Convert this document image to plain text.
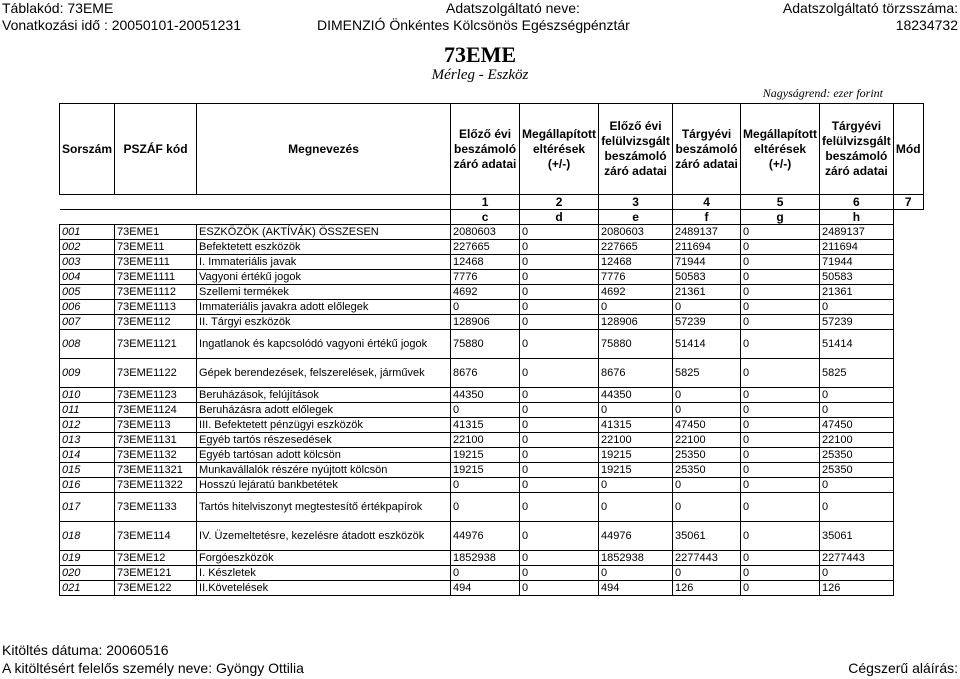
Táblakód: 73EME	Adatszolgáltató neve:	Adatszolgáltató törzsszáma:
Vonatkozási idő : 20050101-20051231	DIMENZIÓ Önkéntes Kölcsönös Egészségpénztár	18234732
73EME
Mérleg - Eszköz
Nagyságrend: ezer forint
Sorszám	PSZÁF kód	Megnevezés	Előző évi beszámoló záró adatai	Megállapított eltérések (+/-)	Előző évi felülvizsgált beszámoló záró adatai	Tárgyévi beszámoló záró adatai	Megállapított eltérések (+/-)	Tárgyévi felülvizsgált beszámoló záró adatai	Mód
			1	2	3	4	5	6	7
			c	d	e	f	g	h	
001	73EME1	ESZKÖZÖK (AKTÍVÁK) ÖSSZESEN	2080603	0	2080603	2489137	0	2489137	
002	73EME11	Befektetett eszközök	227665	0	227665	211694	0	211694	
003	73EME111	I. Immateriális javak	12468	0	12468	71944	0	71944	
004	73EME1111	Vagyoni értékű jogok	7776	0	7776	50583	0	50583	
005	73EME1112	Szellemi termékek	4692	0	4692	21361	0	21361	
006	73EME1113	Immateriális javakra adott előlegek	0	0	0	0	0	0	
007	73EME112	II. Tárgyi eszközök	128906	0	128906	57239	0	57239	
008	73EME1121	Ingatlanok és kapcsolódó vagyoni értékű jogok	75880	0	75880	51414	0	51414	
009	73EME1122	Gépek berendezések, felszerelések, járművek	8676	0	8676	5825	0	5825	
010	73EME1123	Beruházások, felújítások	44350	0	44350	0	0	0	
011	73EME1124	Beruházásra adott előlegek	0	0	0	0	0	0	
012	73EME113	III. Befektetett pénzügyi eszközök	41315	0	41315	47450	0	47450	
013	73EME1131	Egyéb tartós részesedések	22100	0	22100	22100	0	22100	
014	73EME1132	Egyéb tartósan adott kölcsön	19215	0	19215	25350	0	25350	
015	73EME11321	Munkavállalók részére nyújtott kölcsön	19215	0	19215	25350	0	25350	
016	73EME11322	Hosszú lejáratú bankbetétek	0	0	0	0	0	0	
017	73EME1133	Tartós hitelviszonyt megtestesítő értékpapírok	0	0	0	0	0	0	
018	73EME114	IV. Üzemeltetésre, kezelésre átadott eszközök	44976	0	44976	35061	0	35061	
019	73EME12	Forgóeszközök	1852938	0	1852938	2277443	0	2277443	
020	73EME121	I. Készletek	0	0	0	0	0	0	
021	73EME122	II.Követelések	494	0	494	126	0	126	
Kitöltés dátuma: 20060516
A kitöltésért felelős személy neve: Gyöngy Ottilia	Cégszerű aláírás:
